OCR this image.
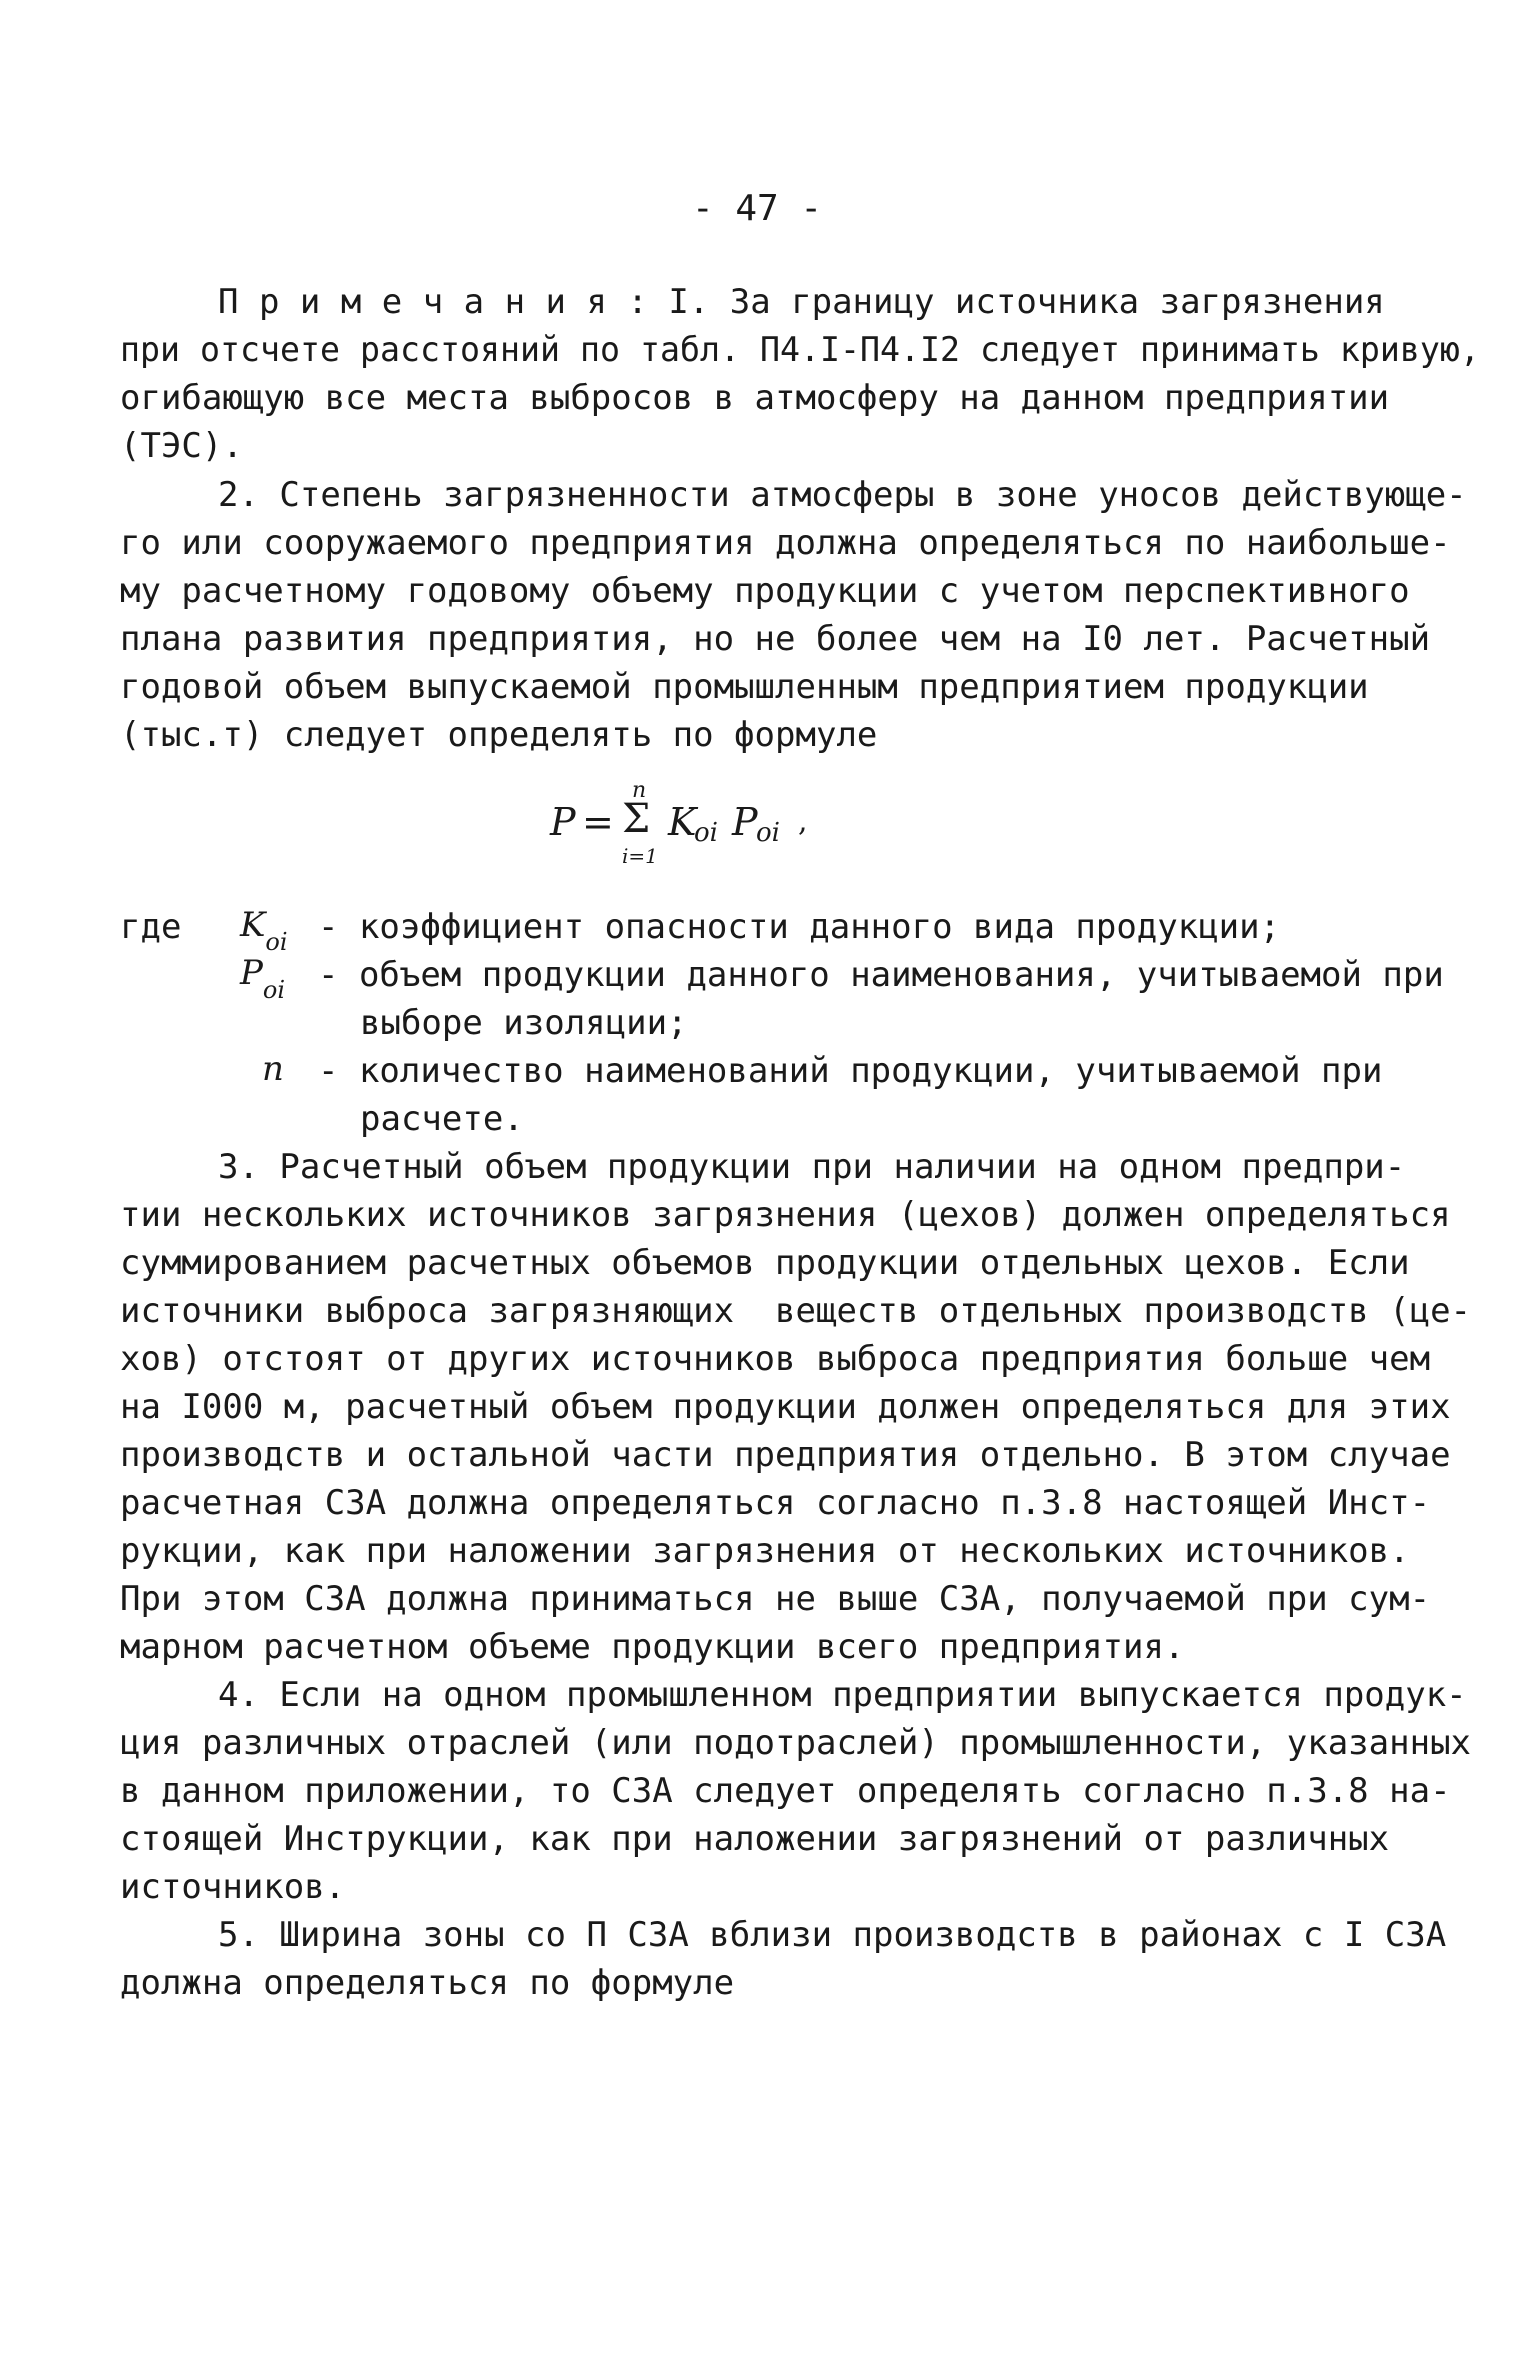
- 47 -
П р и м е ч а н и я : I. За границу источника загрязнения
при отсчете расстояний по табл. П4.I-П4.I2 следует принимать кривую,
огибающую все места выбросов в атмосферу на данном предприятии
(ТЭС).
2. Степень загрязненности атмосферы в зоне уносов действующе-
го или сооружаемого предприятия должна определяться по наибольше-
му расчетному годовому объему продукции с учетом перспективного
плана развития предприятия, но не более чем на I0 лет. Расчетный
годовой объем выпускаемой промышленным предприятием продукции
(тыс.т) следует определять по формуле
P =
n
Σ
i=1
K
oi P
oi ,
где $K_{oi}$ - коэффициент опасности данного вида продукции;
$P_{oi}$ - объем продукции данного наименования, учитываемой при
выборе изоляции;
n - количество наименований продукции, учитываемой при
расчете.
3. Расчетный объем продукции при наличии на одном предпри-
тии нескольких источников загрязнения (цехов) должен определяться
суммированием расчетных объемов продукции отдельных цехов. Если
источники выброса загрязняющих  веществ отдельных производств (це-
хов) отстоят от других источников выброса предприятия больше чем
на I000 м, расчетный объем продукции должен определяться для этих
производств и остальной части предприятия отдельно. В этом случае
расчетная СЗА должна определяться согласно п.3.8 настоящей Инст-
рукции, как при наложении загрязнения от нескольких источников.
При этом СЗА должна приниматься не выше СЗА, получаемой при сум-
марном расчетном объеме продукции всего предприятия.
4. Если на одном промышленном предприятии выпускается продук-
ция различных отраслей (или подотраслей) промышленности, указанных
в данном приложении, то СЗА следует определять согласно п.3.8 на-
стоящей Инструкции, как при наложении загрязнений от различных
источников.
5. Ширина зоны со П СЗА вблизи производств в районах с I СЗА
должна определяться по формуле
